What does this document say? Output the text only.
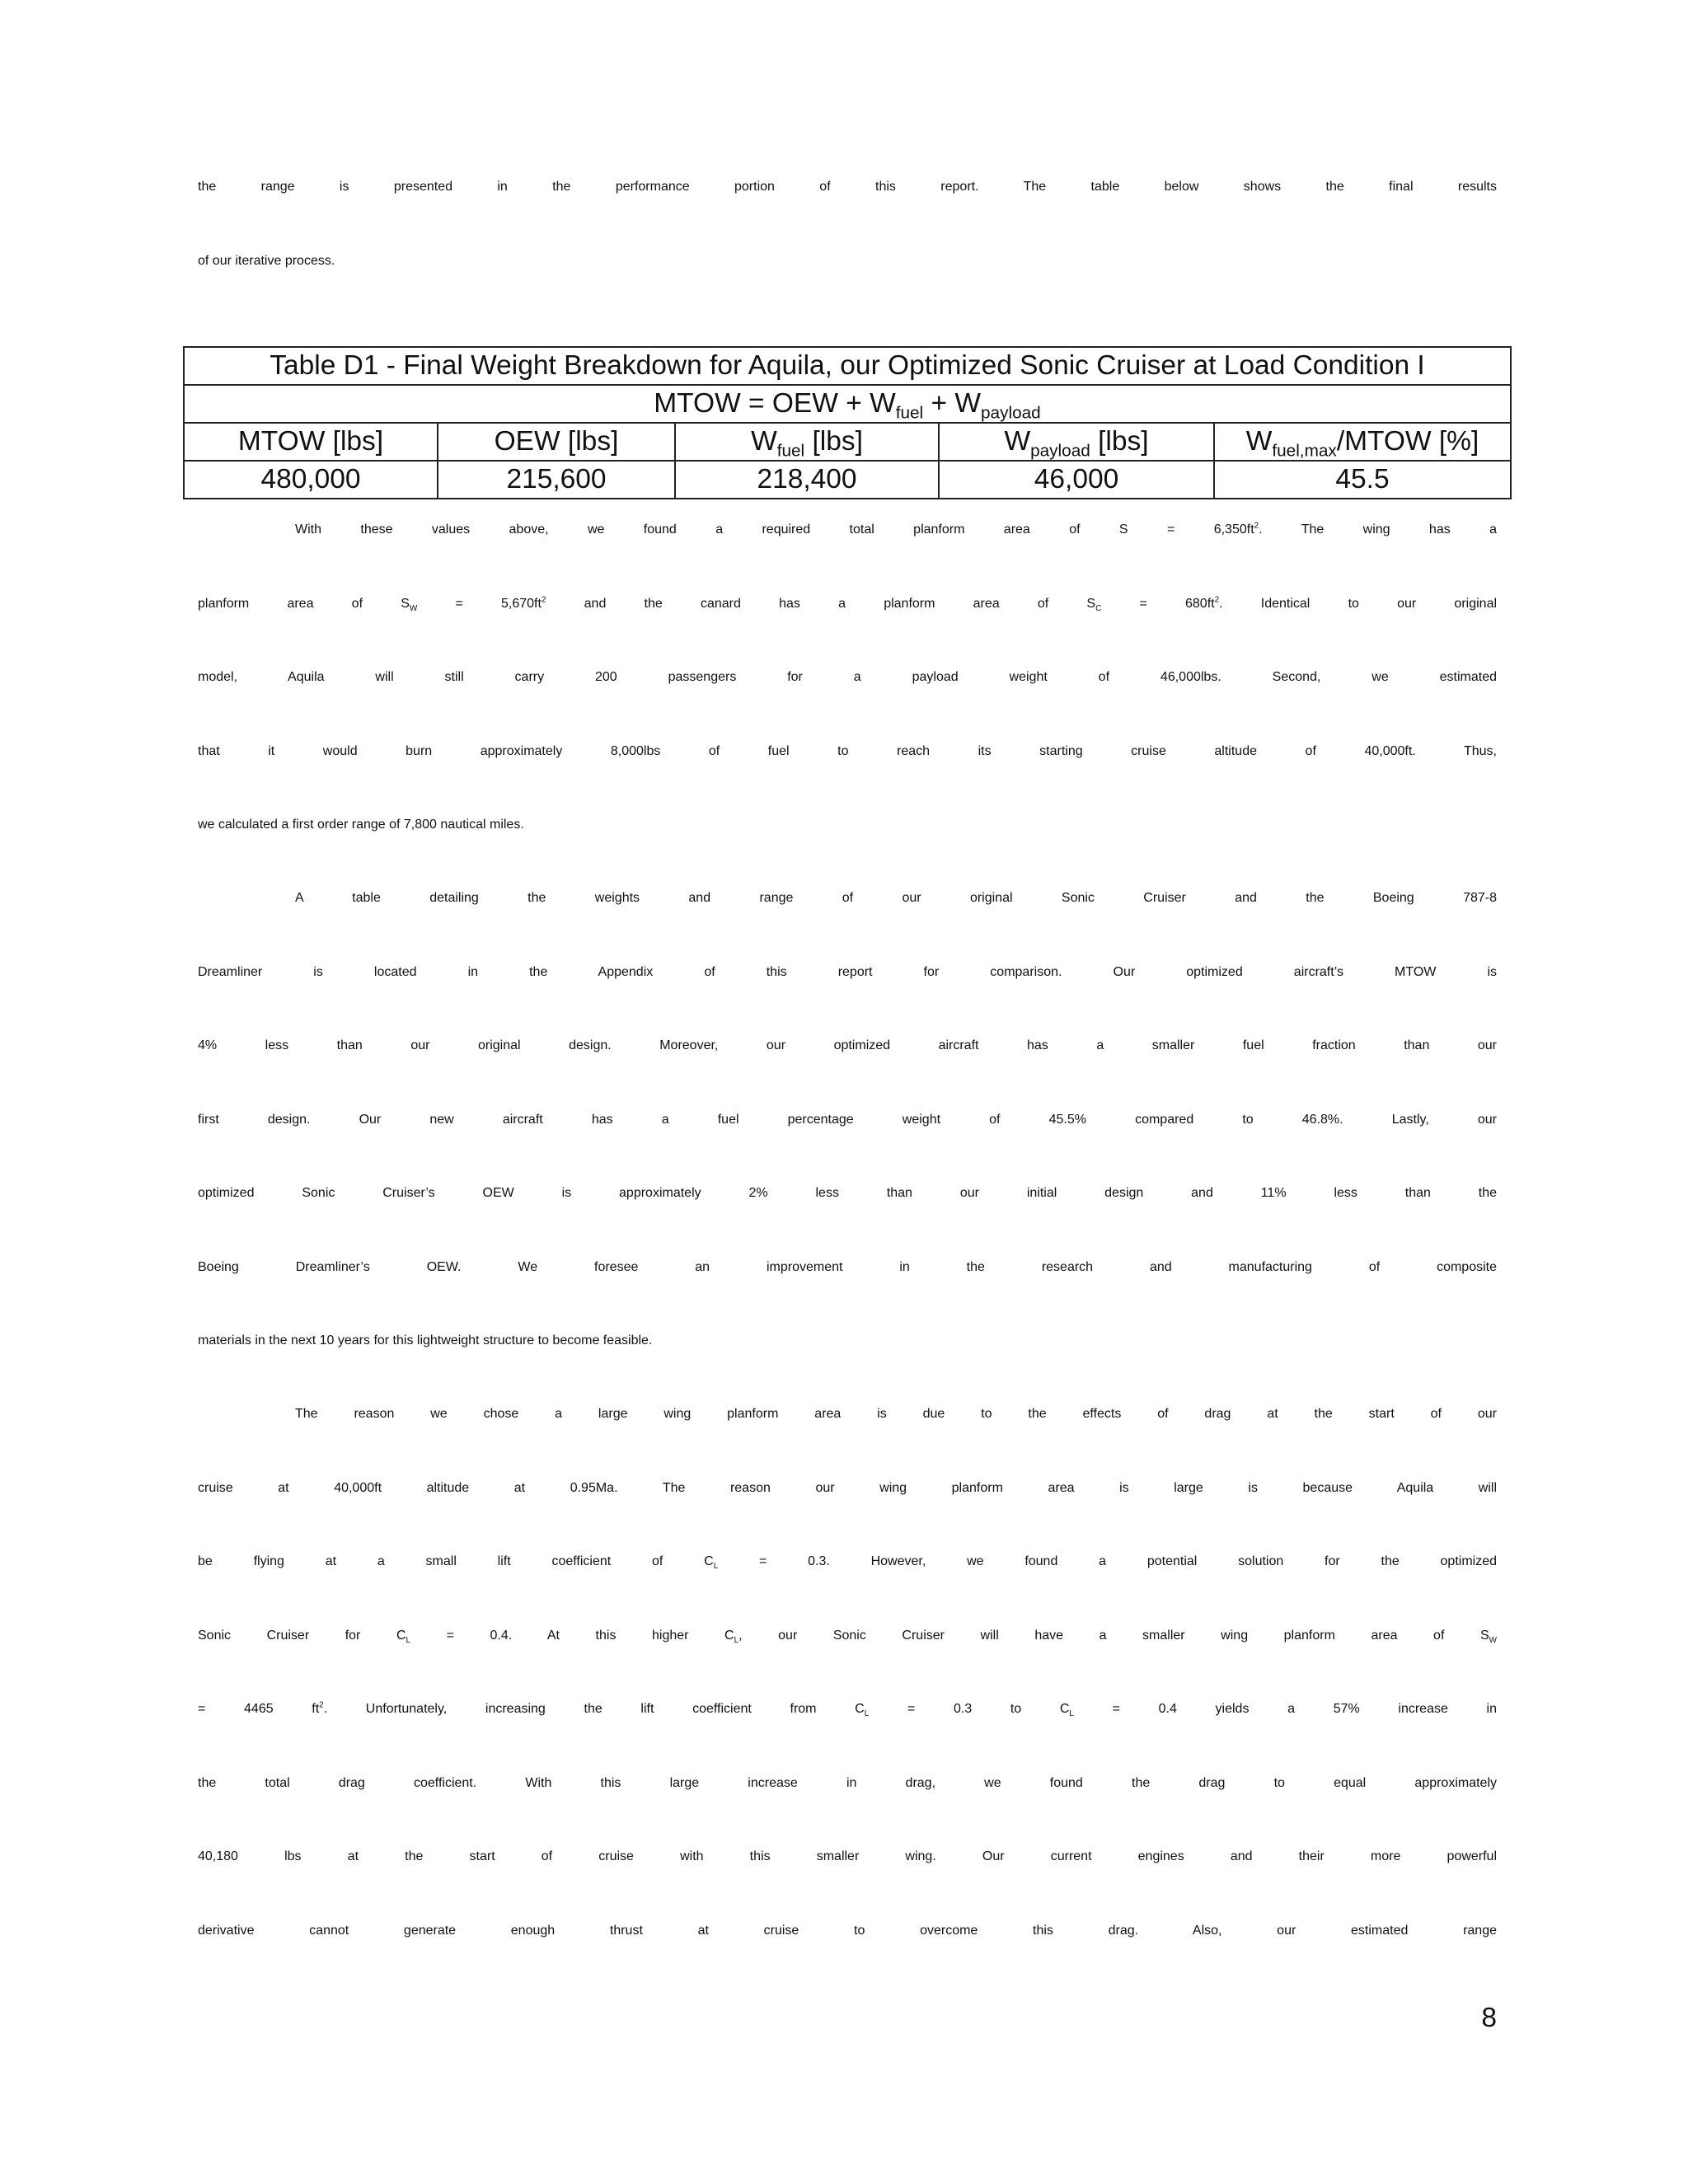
the range is presented in the performance portion of this report. The table below shows the final results
of our iterative process.
Table D1 - Final Weight Breakdown for Aquila, our Optimized Sonic Cruiser at Load Condition I				
MTOW = OEW + $W_{fuel} + W_{payload}$
MTOW [lbs]	OEW [lbs]	$W_{fuel}$ [lbs]	$W_{payload}$ [lbs]	$W_{fuel,max}$/MTOW [%]
480,000	215,600	218,400	46,000	45.5
With these values above, we found a required total planform area of $S = 6,350ft^2$. The wing has a
planform area of $S_W = 5,670ft^2$ and the canard has a planform area of $S_C = 680ft^2$. Identical to our original
model, Aquila will still carry 200 passengers for a payload weight of 46,000lbs. Second, we estimated
that it would burn approximately 8,000lbs of fuel to reach its starting cruise altitude of 40,000ft. Thus,
we calculated a first order range of 7,800 nautical miles.
A table detailing the weights and range of our original Sonic Cruiser and the Boeing 787-8
Dreamliner is located in the Appendix of this report for comparison. Our optimized aircraft’s MTOW is
4% less than our original design. Moreover, our optimized aircraft has a smaller fuel fraction than our
first design. Our new aircraft has a fuel percentage weight of 45.5% compared to 46.8%. Lastly, our
optimized Sonic Cruiser’s OEW is approximately 2% less than our initial design and 11% less than the
Boeing Dreamliner’s OEW. We foresee an improvement in the research and manufacturing of composite
materials in the next 10 years for this lightweight structure to become feasible.
The reason we chose a large wing planform area is due to the effects of drag at the start of our
cruise at 40,000ft altitude at 0.95Ma. The reason our wing planform area is large is because Aquila will
be flying at a small lift coefficient of $C_L = 0.3$. However, we found a potential solution for the optimized
Sonic Cruiser for $C_L = 0.4$. At this higher $C_L$, our Sonic Cruiser will have a smaller wing planform area of $S_W$
= 4465 $ft^2$. Unfortunately, increasing the lift coefficient from $C_L = 0.3$ to $C_L = 0.4$ yields a 57% increase in
the total drag coefficient. With this large increase in drag, we found the drag to equal approximately
40,180 lbs at the start of cruise with this smaller wing. Our current engines and their more powerful
derivative cannot generate enough thrust at cruise to overcome this drag. Also, our estimated range
8
